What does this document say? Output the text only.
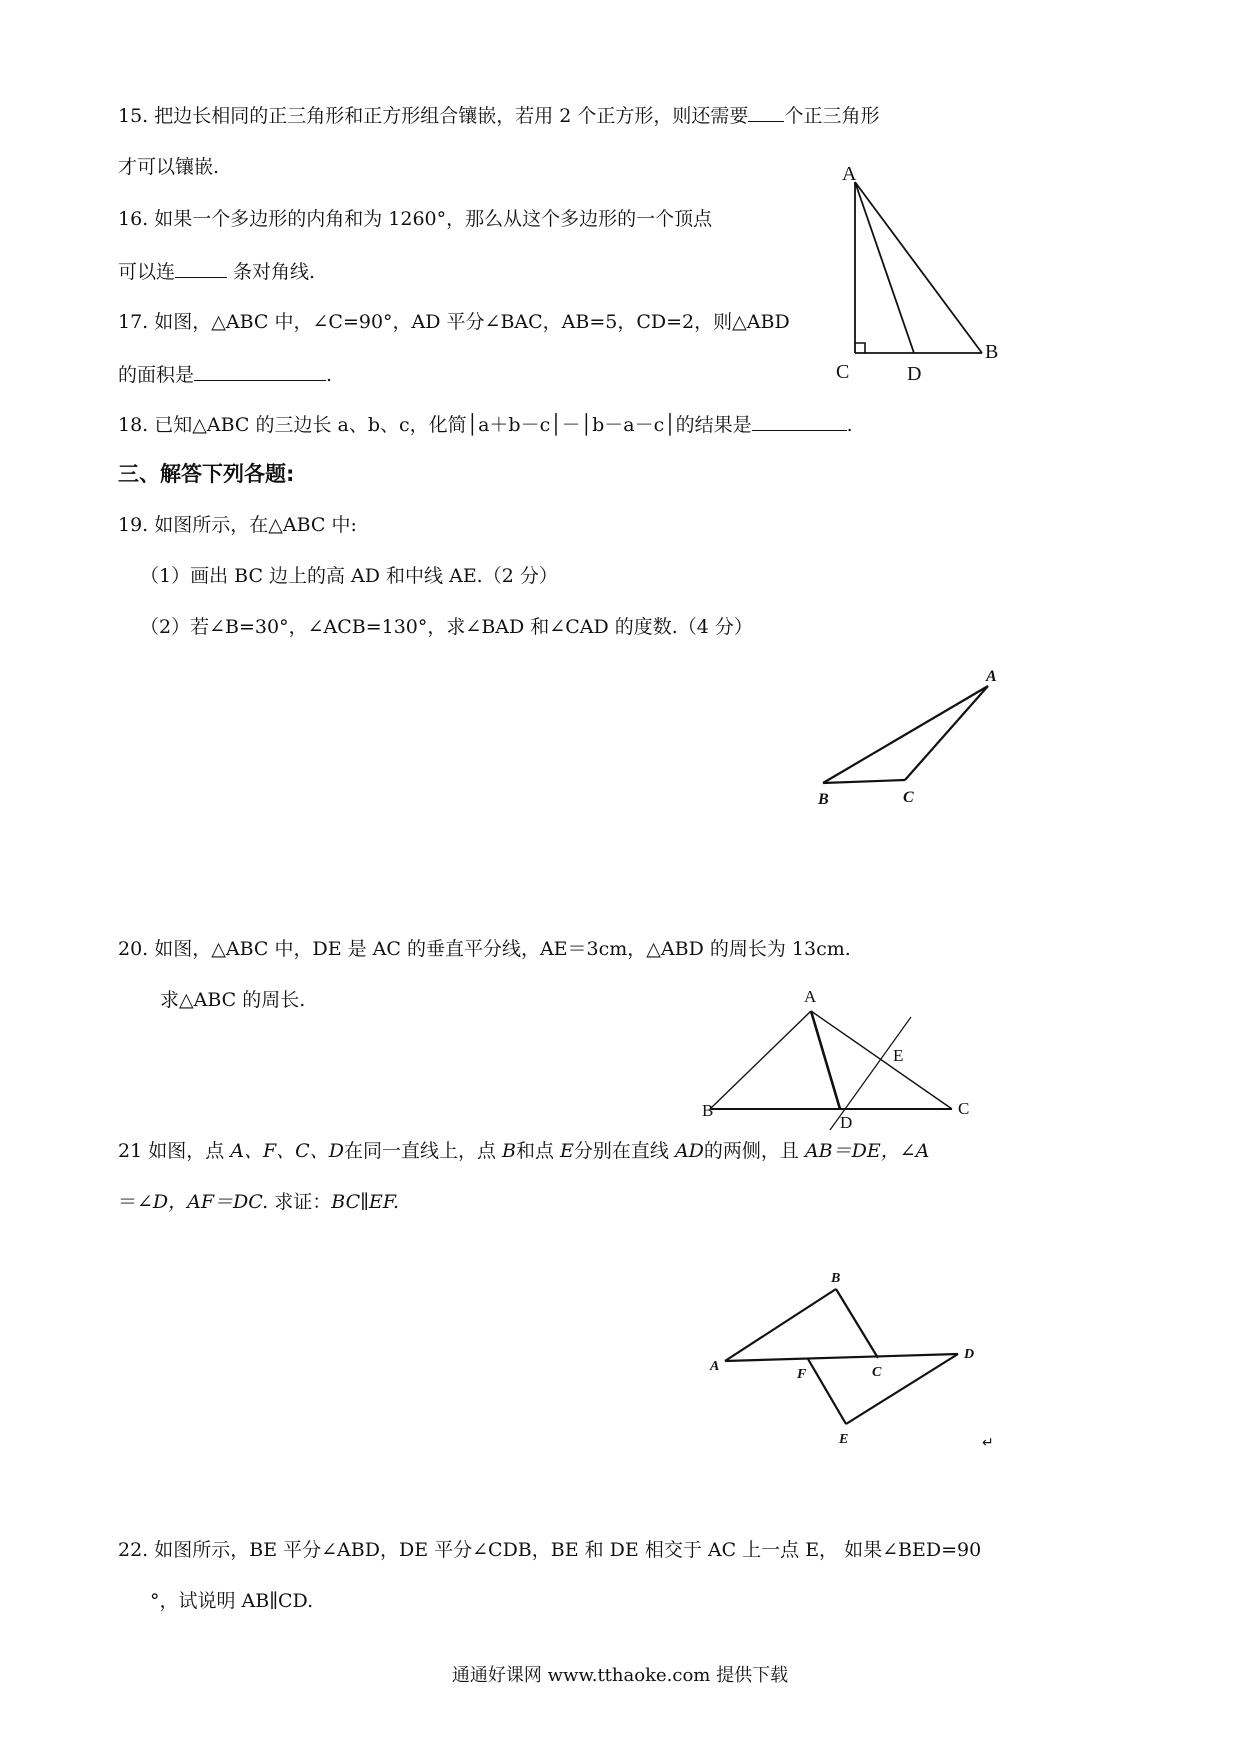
15. 把边长相同的正三角形和正方形组合镶嵌，若用 2 个正方形，则还需要 个正三角形
才可以镶嵌.
16. 如果一个多边形的内角和为 1260°，那么从这个多边形的一个顶点
可以连	条对角线.
17. 如图，△ABC 中，∠C=90°，AD 平分∠BAC，AB=5，CD=2，则△ABD
的面积是	.
A
B
C	D
18. 已知△ABC 的三边长 a、b、c，化简│a＋b－c│－│b－a－c│的结果是	.
三、解答下列各题:
19. 如图所示，在△ABC 中:
（1）画出 BC 边上的高 AD 和中线 AE.（2 分）
（2）若∠B=30°，∠ACB=130°，求∠BAD 和∠CAD 的度数.（4 分）
A
B	C
20. 如图，△ABC 中，DE 是 AC 的垂直平分线，AE＝3cm，△ABD 的周长为 13cm.
求△ABC 的周长.	A
B	C
D
E
21 如图，点 A、F、C、D在同一直线上，点 B和点 E分别在直线 AD的两侧，且 AB＝DE，∠A
＝∠D，AF＝DC. 求证：BC∥EF.
A
B
C
D
E
F
↵
22. 如图所示，BE 平分∠ABD，DE 平分∠CDB，BE 和 DE 相交于 AC 上一点 E， 如果∠BED=90
°，试说明 AB∥CD.
通通好课网 www.tthaoke.com 提供下载
